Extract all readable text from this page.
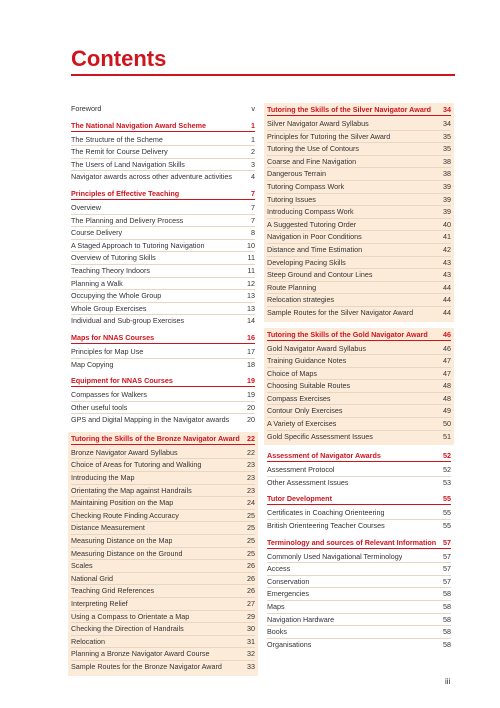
Contents
Foreword	v
The National Navigation Award Scheme	1
The Structure of the Scheme	1
The Remit for Course Delivery	2
The Users of Land Navigation Skills	3
Navigator awards across other adventure activities	4
Principles of Effective Teaching	7
Overview	7
The Planning and Delivery Process	7
Course Delivery	8
A Staged Approach to Tutoring Navigation	10
Overview of Tutoring Skills	11
Teaching Theory Indoors	11
Planning a Walk	12
Occupying the Whole Group	13
Whole Group Exercises	13
Individual and Sub-group Exercises	14
Maps for NNAS Courses	16
Principles for Map Use	17
Map Copying	18
Equipment for NNAS Courses	19
Compasses for Walkers	19
Other useful tools	20
GPS and Digital Mapping in the Navigator awards	20
Tutoring the Skills of the Bronze Navigator Award	22
Bronze Navigator Award Syllabus	22
Choice of Areas for Tutoring and Walking	23
Introducing the Map	23
Orientating the Map against Handrails	23
Maintaining Position on the Map	24
Checking Route Finding Accuracy	25
Distance Measurement	25
Measuring Distance on the Map	25
Measuring Distance on the Ground	25
Scales	26
National Grid	26
Teaching Grid References	26
Interpreting Relief	27
Using a Compass to Orientate a Map	29
Checking the Direction of Handrails	30
Relocation	31
Planning a Bronze Navigator Award Course	32
Sample Routes for the Bronze Navigator Award	33
Tutoring the Skills of the Silver Navigator Award	34
Silver Navigator Award Syllabus	34
Principles for Tutoring the Silver Award	35
Tutoring the Use of Contours	35
Coarse and Fine Navigation	38
Dangerous Terrain	38
Tutoring Compass Work	39
Tutoring Issues	39
Introducing Compass Work	39
A Suggested Tutoring Order	40
Navigation in Poor Conditions	41
Distance and Time Estimation	42
Developing Pacing Skills	43
Steep Ground and Contour Lines	43
Route Planning	44
Relocation strategies	44
Sample Routes for the Silver Navigator Award	44
Tutoring the Skills of the Gold Navigator Award	46
Gold Navigator Award Syllabus	46
Training Guidance Notes	47
Choice of Maps	47
Choosing Suitable Routes	48
Compass Exercises	48
Contour Only Exercises	49
A Variety of Exercises	50
Gold Specific Assessment Issues	51
Assessment of Navigator Awards	52
Assessment Protocol	52
Other Assessment Issues	53
Tutor Development	55
Certificates in Coaching Orienteering	55
British Orienteering Teacher Courses	55
Terminology and sources of Relevant Information 57
Commonly Used Navigational Terminology	57
Access	57
Conservation	57
Emergencies	58
Maps	58
Navigation Hardware	58
Books	58
Organisations	58
iii
